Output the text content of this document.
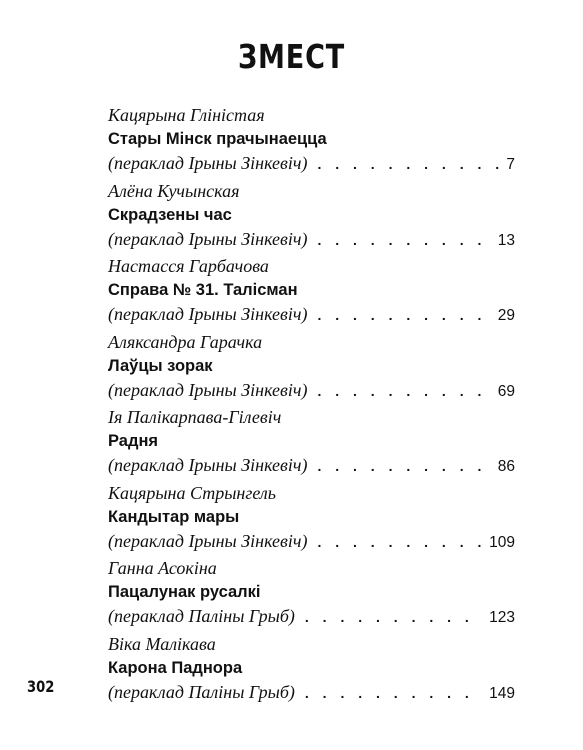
ЗМЕСТ
Кацярына Глінiстая
Стары Мінск прачынаецца
(пераклад Ірыны Зінкевіч) . . .	7
Алёна Кучынская
Скрадзены час
(пераклад Ірыны Зінкевіч) . . .	13
Настасся Гарбачова
Справа № 31. Талісман
(пераклад Ірыны Зінкевіч) . . .	29
Аляксандра Гарачка
Лаўцы зорак
(пераклад Ірыны Зінкевіч) . . .	69
Ія Палікарпава-Гілевіч
Радня
(пераклад Ірыны Зінкевіч) . . .	86
Кацярына Стрынгель
Кандытар мары
(пераклад Ірыны Зінкевіч) . . .	109
Ганна Асокіна
Пацалунак русалкі
(пераклад Паліны Грыб) . . .	123
Віка Малікава
Карона Паднора
(пераклад Паліны Грыб) . . .	149
302
